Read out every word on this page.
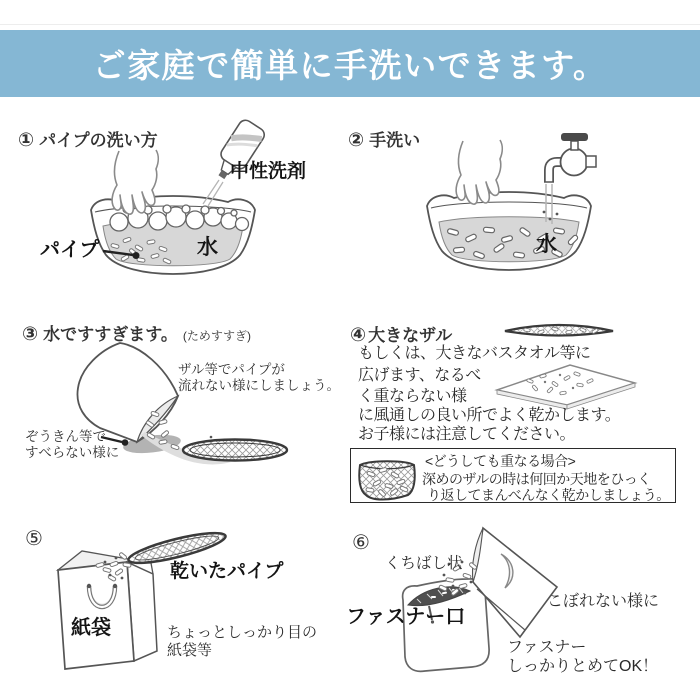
ご家庭で簡単に手洗いできます。
① パイプの洗い方
中性洗剤
パイプ	水
② 手洗い
水
③ 水ですすぎます。 (ためすすぎ)
ザル等でパイプが
流れない様にしましょう。
ぞうきん等で
すべらない様に
④ 大きなザル
もしくは、大きなバスタオル等に
広げます、なるべ
く重ならない様
に風通しの良い所でよく乾かします。
お子様には注意してください。
<どうしても重なる場合>
深めのザルの時は何回か天地をひっく
り返してまんべんなく乾かしましょう。
⑤
乾いたパイプ
紙袋	ちょっとしっかり目の
紙袋等
⑥
くちばし状
ファスナー口
こぼれない様に
ファスナー
しっかりとめてOK！
